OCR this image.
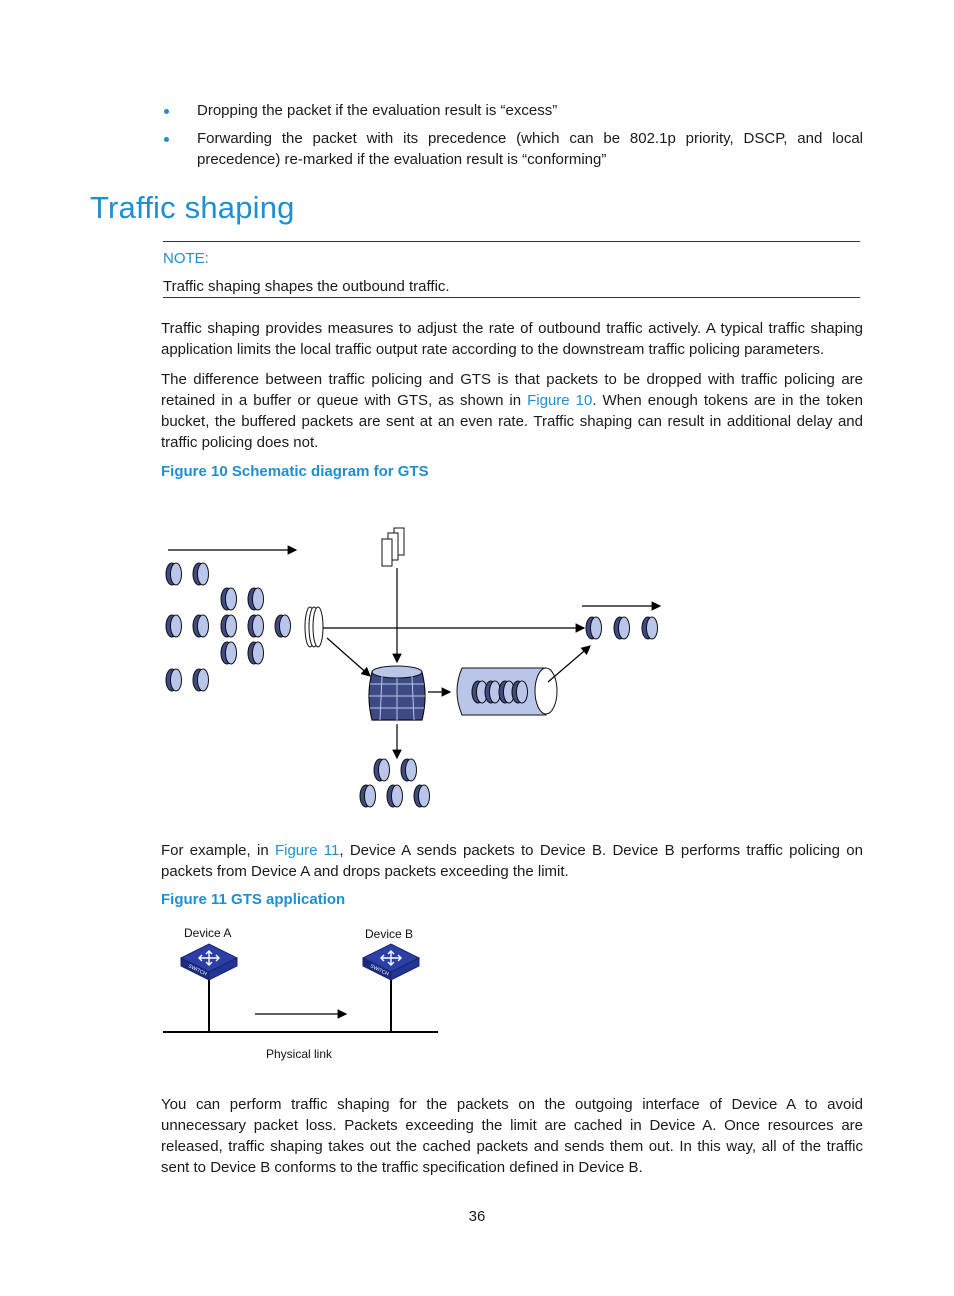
Dropping the packet if the evaluation result is “excess”
Forwarding the packet with its precedence (which can be 802.1p priority, DSCP, and local precedence) re-marked if the evaluation result is “conforming”
Traffic shaping
NOTE:
Traffic shaping shapes the outbound traffic.
Traffic shaping provides measures to adjust the rate of outbound traffic actively. A typical traffic shaping application limits the local traffic output rate according to the downstream traffic policing parameters.
The difference between traffic policing and GTS is that packets to be dropped with traffic policing are retained in a buffer or queue with GTS, as shown in Figure 10. When enough tokens are in the token bucket, the buffered packets are sent at an even rate. Traffic shaping can result in additional delay and traffic policing does not.
Figure 10 Schematic diagram for GTS
For example, in Figure 11, Device A sends packets to Device B. Device B performs traffic policing on packets from Device A and drops packets exceeding the limit.
Figure 11 GTS application
Device A	Device B
SWITCH	SWITCH
Physical link
You can perform traffic shaping for the packets on the outgoing interface of Device A to avoid unnecessary packet loss. Packets exceeding the limit are cached in Device A. Once resources are released, traffic shaping takes out the cached packets and sends them out. In this way, all of the traffic sent to Device B conforms to the traffic specification defined in Device B.
36
